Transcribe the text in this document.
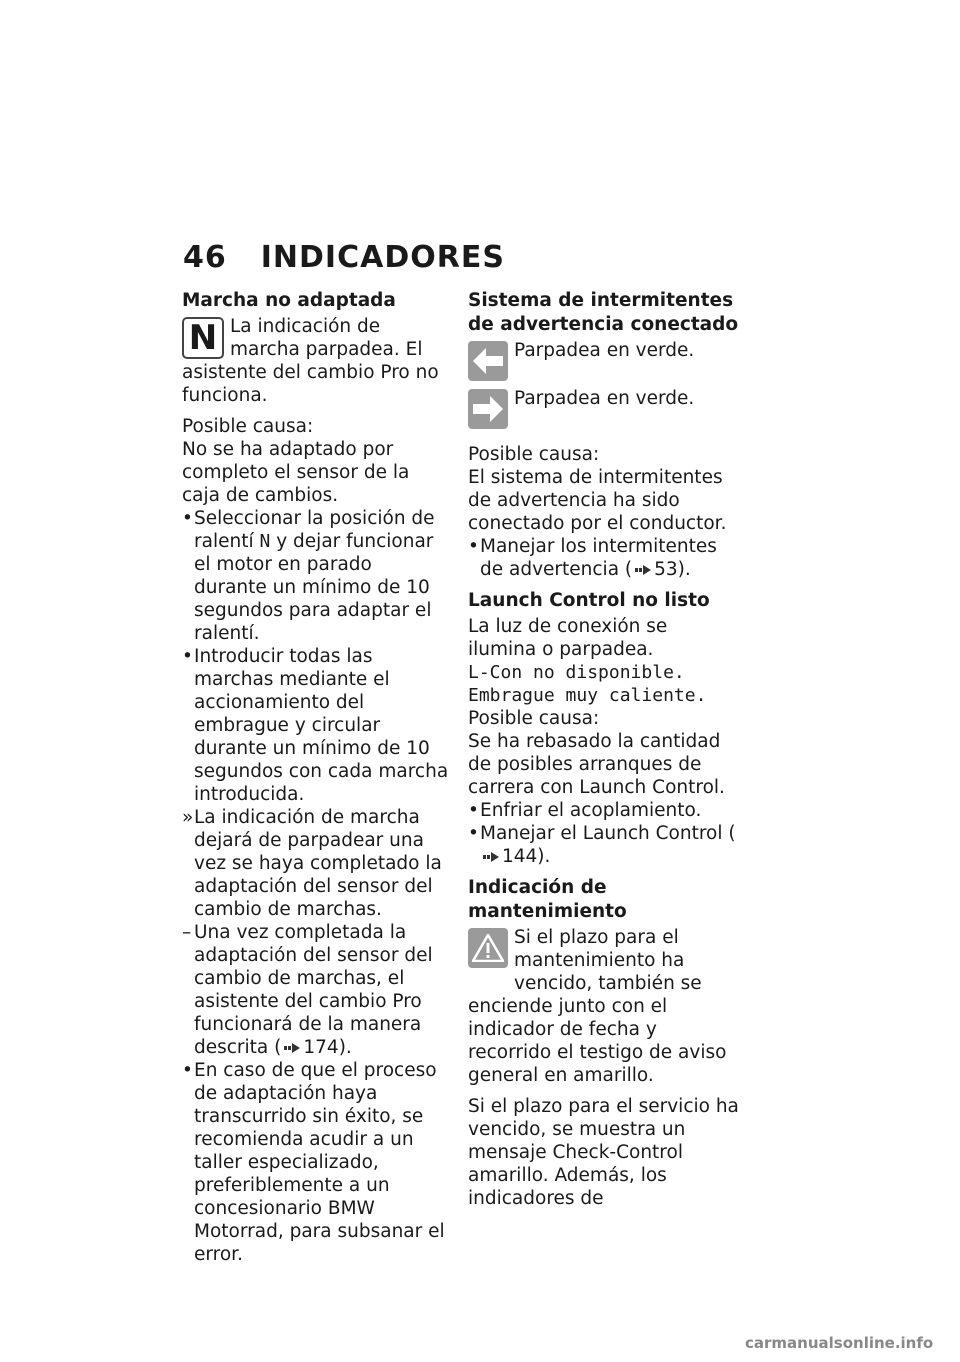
46 INDICADORES
Marcha no adaptada
N La indicación de marcha parpadea. El asistente del cambio Pro no funciona.

Posible causa:

No se ha adaptado por completo el sensor de la caja de cambios.

• Seleccionar la posición de ralentí N y dejar funcionar el motor en parado durante un mínimo de 10 segundos para adaptar el ralentí.
• Introducir todas las marchas mediante el accionamiento del embrague y circular durante un mínimo de 10 segundos con cada marcha introducida.
» La indicación de marcha dejará de parpadear una vez se haya completado la adaptación del sensor del cambio de marchas.
– Una vez completada la adaptación del sensor del cambio de marchas, el asistente del cambio Pro funcionará de la manera descrita ( 174).
• En caso de que el proceso de adaptación haya transcurrido sin éxito, se recomienda acudir a un taller especializado, preferiblemente a un concesionario BMW Motorrad, para subsanar el error.
Sistema de intermitentes de advertencia conectado

Parpadea en verde.

Parpadea en verde.

Posible causa:

El sistema de intermitentes de advertencia ha sido conectado por el conductor.

• Manejar los intermitentes de advertencia ( 53).
Launch Control no listo

La luz de conexión se ilumina o parpadea.

L-Con no disponible. Embrague muy caliente.

Posible causa:

Se ha rebasado la cantidad de posibles arranques de carrera con Launch Control.

• Enfriar el acoplamiento.
• Manejar el Launch Control (144).
Indicación de mantenimiento

Si el plazo para el mantenimiento ha vencido, también se enciende junto con el indicador de fecha y recorrido el testigo de aviso general en amarillo.

Si el plazo para el servicio ha vencido, se muestra un mensaje Check-Control amarillo. Además, los indicadores de

carmanualsonline.info
